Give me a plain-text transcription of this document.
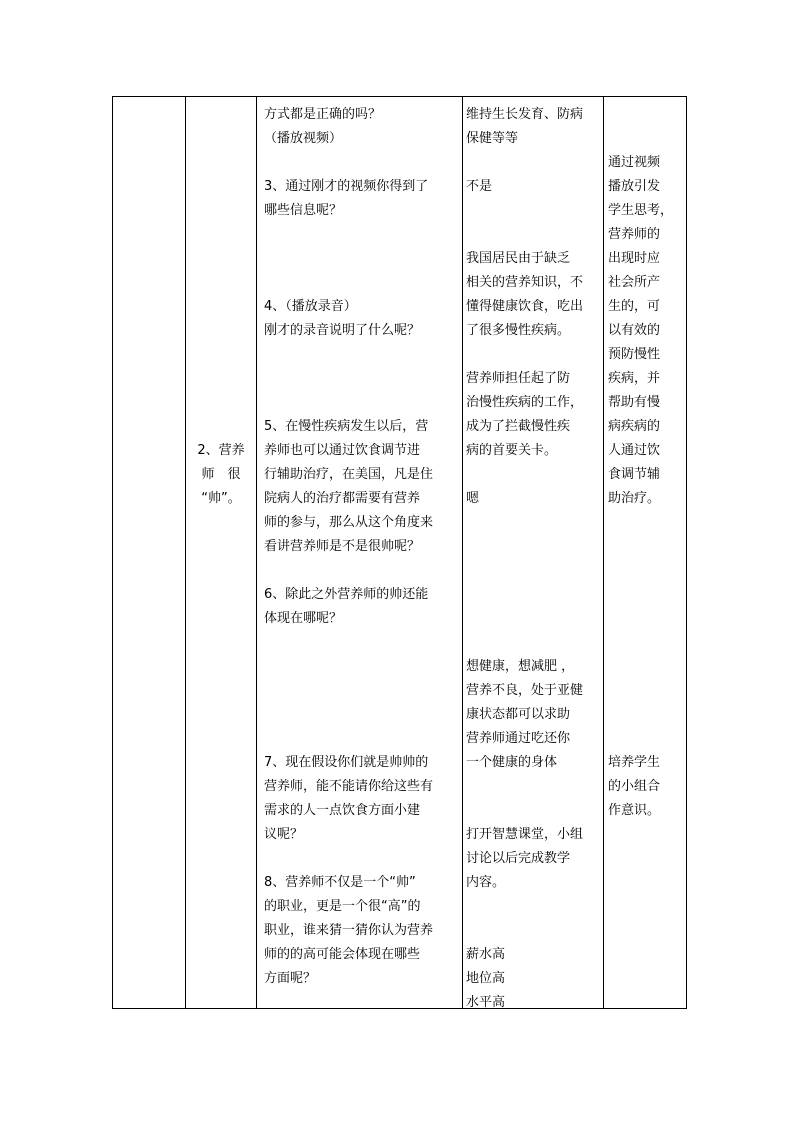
2、营养
师　很
“帅”。
方式都是正确的吗？
（播放视频）
3、通过刚才的视频你得到了
哪些信息呢？
4、（播放录音）
刚才的录音说明了什么呢？
5、在慢性疾病发生以后，营
养师也可以通过饮食调节进
行辅助治疗，在美国，凡是住
院病人的治疗都需要有营养
师的参与，那么从这个角度来
看讲营养师是不是很帅呢？
6、除此之外营养师的帅还能
体现在哪呢？
7、现在假设你们就是帅帅的
营养师，能不能请你给这些有
需求的人一点饮食方面小建
议呢？
8、营养师不仅是一个“帅”
的职业，更是一个很“高”的
职业，谁来猜一猜你认为营养
师的的高可能会体现在哪些
方面呢？
维持生长发育、防病
保健等等
不是
我国居民由于缺乏
相关的营养知识，不
懂得健康饮食，吃出
了很多慢性疾病。
营养师担任起了防
治慢性疾病的工作，
成为了拦截慢性疾
病的首要关卡。
嗯
想健康，想减肥 ，
营养不良，处于亚健
康状态都可以求助
营养师通过吃还你
一个健康的身体
打开智慧课堂，小组
讨论以后完成教学
内容。
薪水高
地位高
水平高
通过视频
播放引发
学生思考，
营养师的
出现时应
社会所产
生的，可
以有效的
预防慢性
疾病，并
帮助有慢
病疾病的
人通过饮
食调节辅
助治疗。
培养学生
的小组合
作意识。
